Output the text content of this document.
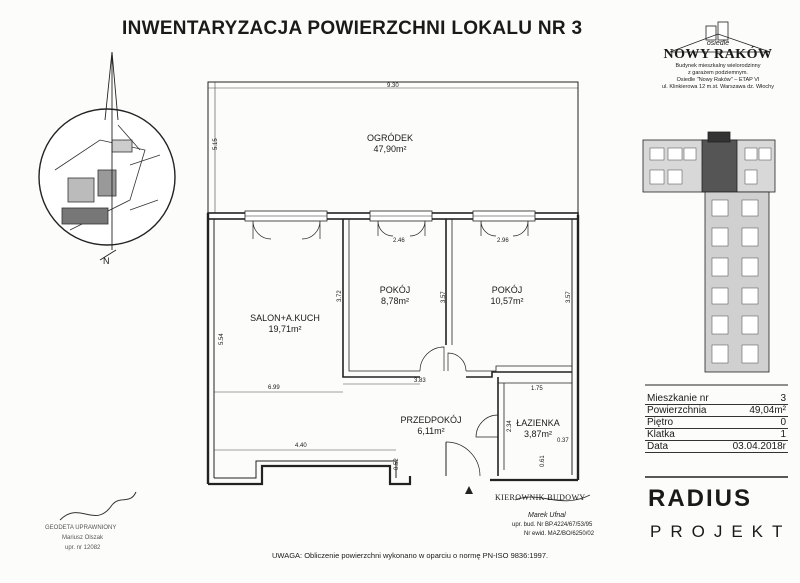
INWENTARYZACJA POWIERZCHNI LOKALU NR 3
OGRÓDEK
47,90m²
SALON+A.KUCH
19,71m²
POKÓJ
8,78m²
POKÓJ
10,57m²
PRZEDPOKÓJ
6,11m²
ŁAZIENKA
3,87m²
9.30
5.15
2.46	2.96
5.54
3.72	3.57	3.57
6.99
3.83
1.75
4.40
2.34
0.37
0.52	0.61
N
osiedle
NOWY RAKÓW
Budynek mieszkalny wielorodzinny
z garażem podziemnym.
Osiedle "Nowy Raków" – ETAP VI
ul. Klinkierowa 12 m.st. Warszawa dz. Włochy
Mieszkanie nr	3
Powierzchnia	49,04m²
Piętro	0
Klatka	1
Data	03.04.2018r
RADIUS
PROJEKT
KIEROWNIK BUDOWY
Marek Ufnal
upr. bud. Nr BP.4224/67/53/95
Nr ewid. MAZ/BO/6250/02
GEODETA UPRAWNIONY
Mariusz Olszak
upr. nr 12082
UWAGA: Obliczenie powierzchni wykonano w oparciu o normę PN-ISO 9836:1997.
